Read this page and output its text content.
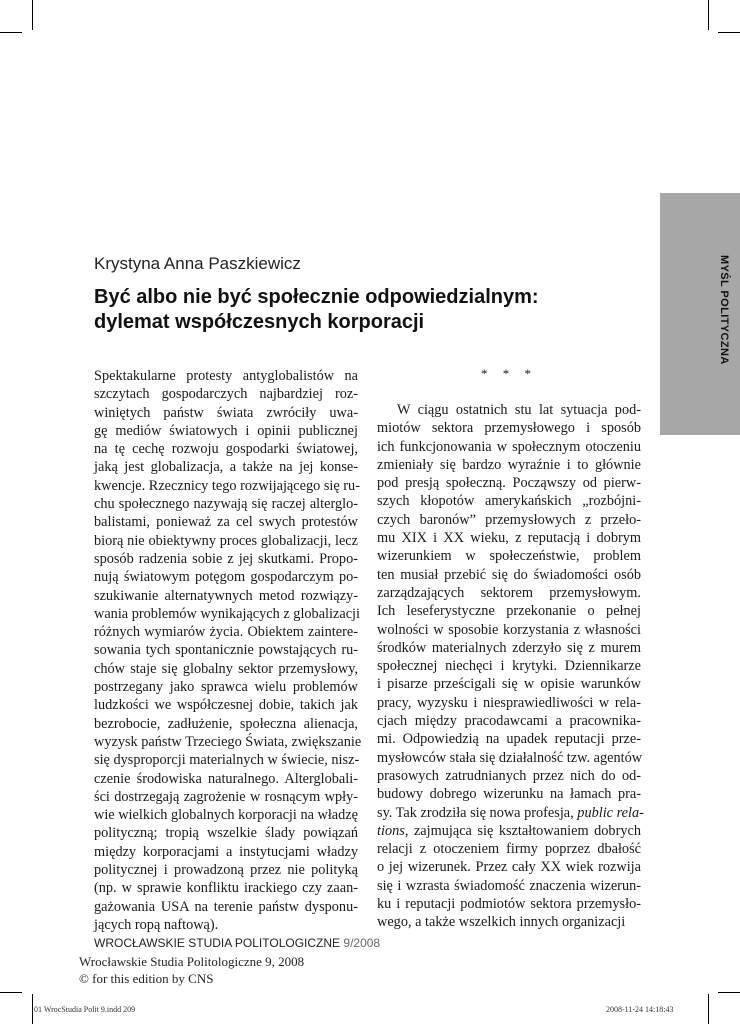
MYŚL POLITYCZNA
Krystyna Anna Paszkiewicz
Być albo nie być społecznie odpowiedzialnym:
dylemat współczesnych korporacji
Spektakularne protesty antyglobalistów na
szczytach gospodarczych najbardziej roz-
winiętych państw świata zwróciły uwa-
gę mediów światowych i opinii publicznej
na tę cechę rozwoju gospodarki światowej,
jaką jest globalizacja, a także na jej konse-
kwencje. Rzecznicy tego rozwijającego się ru-
chu społecznego nazywają się raczej alterglo-
balistami, ponieważ za cel swych protestów
biorą nie obiektywny proces globalizacji, lecz
sposób radzenia sobie z jej skutkami. Propo-
nują światowym potęgom gospodarczym po-
szukiwanie alternatywnych metod rozwiązy-
wania problemów wynikających z globalizacji
różnych wymiarów życia. Obiektem zaintere-
sowania tych spontanicznie powstających ru-
chów staje się globalny sektor przemysłowy,
postrzegany jako sprawca wielu problemów
ludzkości we współczesnej dobie, takich jak
bezrobocie, zadłużenie, społeczna alienacja,
wyzysk państw Trzeciego Świata, zwiększanie
się dysproporcji materialnych w świecie, nisz-
czenie środowiska naturalnego. Alterglobali-
ści dostrzegają zagrożenie w rosnącym wpły-
wie wielkich globalnych korporacji na władzę
polityczną; tropią wszelkie ślady powiązań
między korporacjami a instytucjami władzy
politycznej i prowadzoną przez nie polityką
(np. w sprawie konfliktu irackiego czy zaan-
gażowania USA na terenie państw dysponu-
jących ropą naftową).
* * *
W ciągu ostatnich stu lat sytuacja pod-
miotów sektora przemysłowego i sposób
ich funkcjonowania w społecznym otoczeniu
zmieniały się bardzo wyraźnie i to głównie
pod presją społeczną. Począwszy od pierw-
szych kłopotów amerykańskich „rozbójni-
czych baronów” przemysłowych z przeło-
mu XIX i XX wieku, z reputacją i dobrym
wizerunkiem w społeczeństwie, problem
ten musiał przebić się do świadomości osób
zarządzających sektorem przemysłowym.
Ich leseferystyczne przekonanie o pełnej
wolności w sposobie korzystania z własności
środków materialnych zderzyło się z murem
społecznej niechęci i krytyki. Dziennikarze
i pisarze prześcigali się w opisie warunków
pracy, wyzysku i niesprawiedliwości w rela-
cjach między pracodawcami a pracownika-
mi. Odpowiedzią na upadek reputacji prze-
mysłowców stała się działalność tzw. agentów
prasowych zatrudnianych przez nich do od-
budowy dobrego wizerunku na łamach pra-
sy. Tak zrodziła się nowa profesja, public rela-
tions, zajmująca się kształtowaniem dobrych
relacji z otoczeniem firmy poprzez dbałość
o jej wizerunek. Przez cały XX wiek rozwija
się i wzrasta świadomość znaczenia wizerun-
ku i reputacji podmiotów sektora przemysło-
wego, a także wszelkich innych organizacji
WROCŁAWSKIE STUDIA POLITOLOGICZNE 9/2008
Wrocławskie Studia Politologiczne 9, 2008
© for this edition by CNS
01 WrocStudia Polit 9.indd 209	2008-11-24 14:18:43
